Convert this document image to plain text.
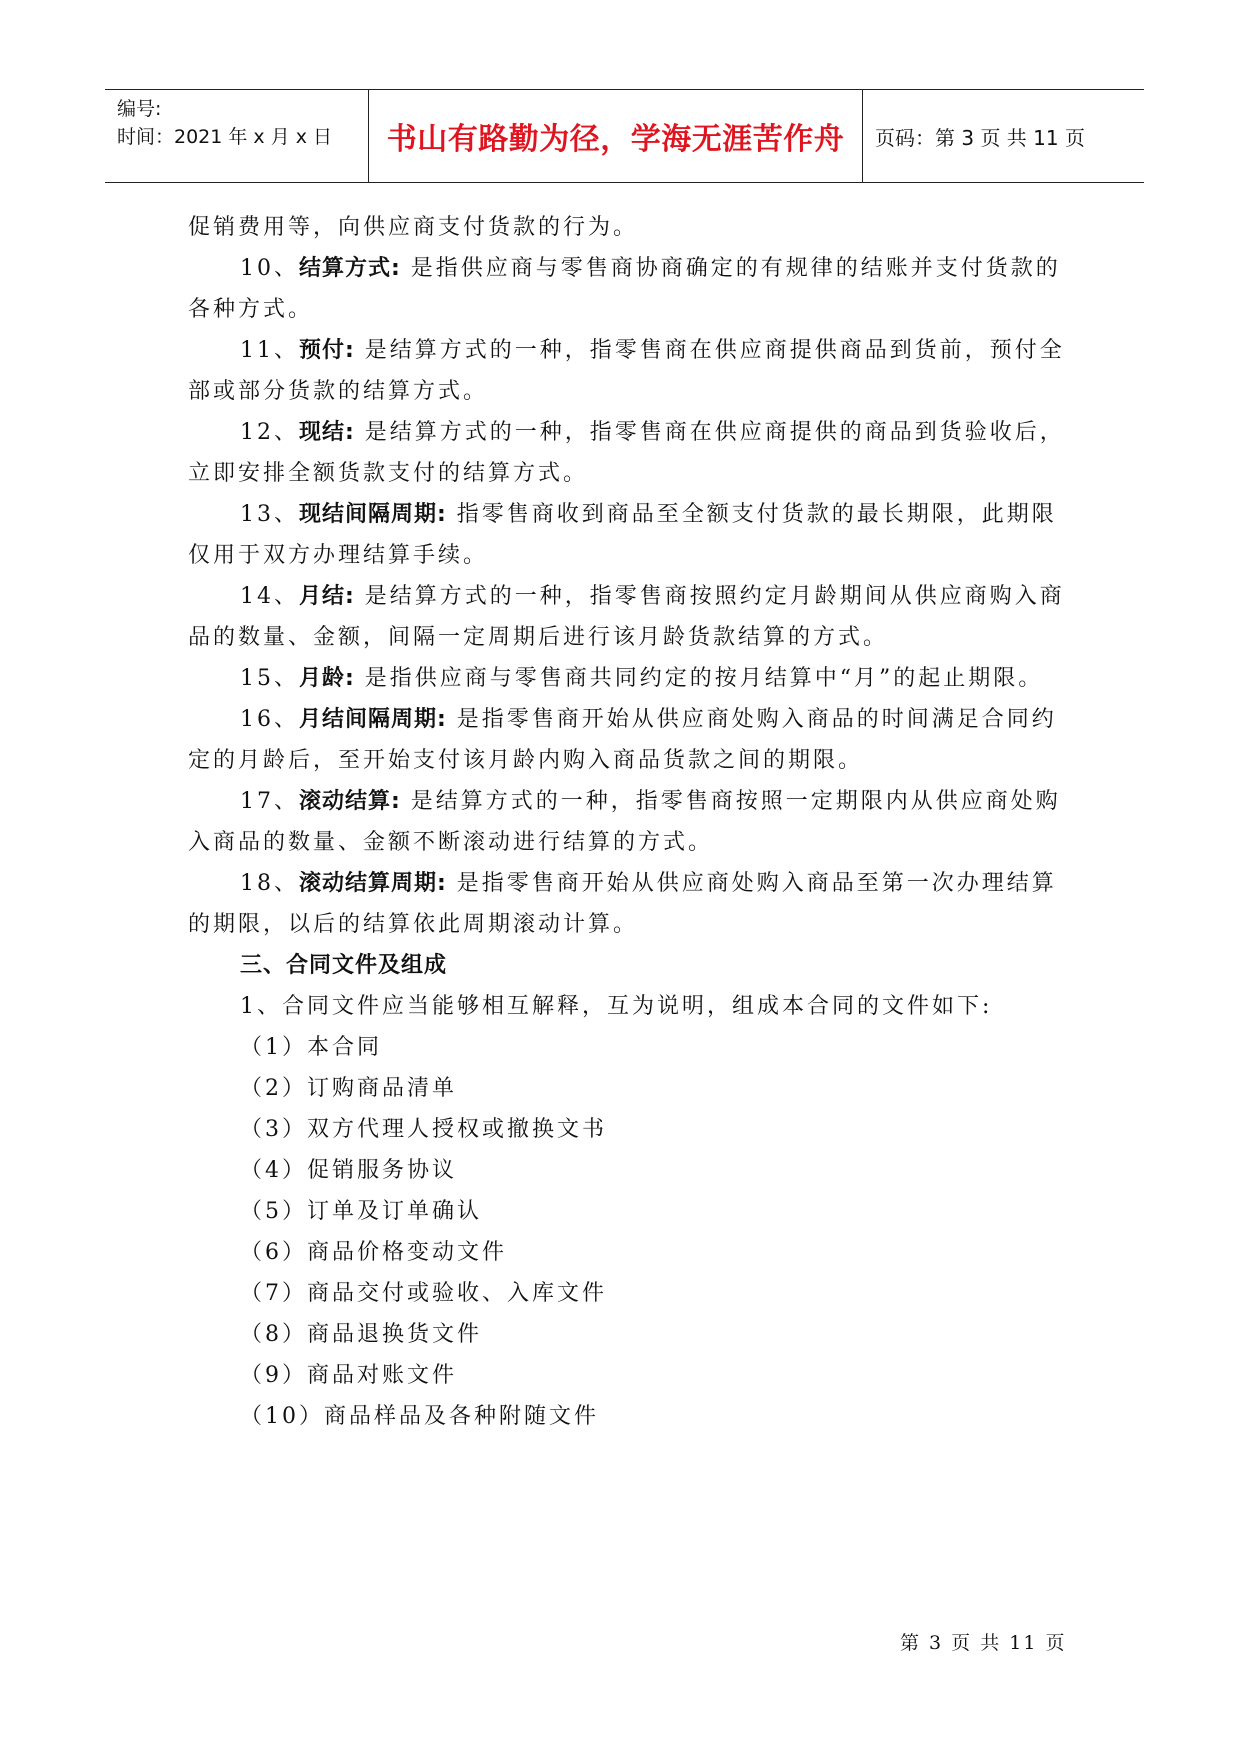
编号:
时间：2021 年 x 月 x 日 书山有路勤为径，学海无涯苦作舟 页码：第 3 页 共 11 页
促销费用等，向供应商支付货款的行为。
10、结算方式: 是指供应商与零售商协商确定的有规律的结账并支付货款的
各种方式。
11、预付: 是结算方式的一种，指零售商在供应商提供商品到货前，预付全
部或部分货款的结算方式。
12、现结: 是结算方式的一种，指零售商在供应商提供的商品到货验收后，
立即安排全额货款支付的结算方式。
13、现结间隔周期: 指零售商收到商品至全额支付货款的最长期限，此期限
仅用于双方办理结算手续。
14、月结: 是结算方式的一种，指零售商按照约定月龄期间从供应商购入商
品的数量、金额，间隔一定周期后进行该月龄货款结算的方式。
15、月龄: 是指供应商与零售商共同约定的按月结算中“月”的起止期限。
16、月结间隔周期: 是指零售商开始从供应商处购入商品的时间满足合同约
定的月龄后，至开始支付该月龄内购入商品货款之间的期限。
17、滚动结算: 是结算方式的一种，指零售商按照一定期限内从供应商处购
入商品的数量、金额不断滚动进行结算的方式。
18、滚动结算周期: 是指零售商开始从供应商处购入商品至第一次办理结算
的期限，以后的结算依此周期滚动计算。
三、合同文件及组成
1、合同文件应当能够相互解释，互为说明，组成本合同的文件如下:
（1）本合同
（2）订购商品清单
（3）双方代理人授权或撤换文书
（4）促销服务协议
（5）订单及订单确认
（6）商品价格变动文件
（7）商品交付或验收、入库文件
（8）商品退换货文件
（9）商品对账文件
（10）商品样品及各种附随文件
第 3 页 共 11 页
